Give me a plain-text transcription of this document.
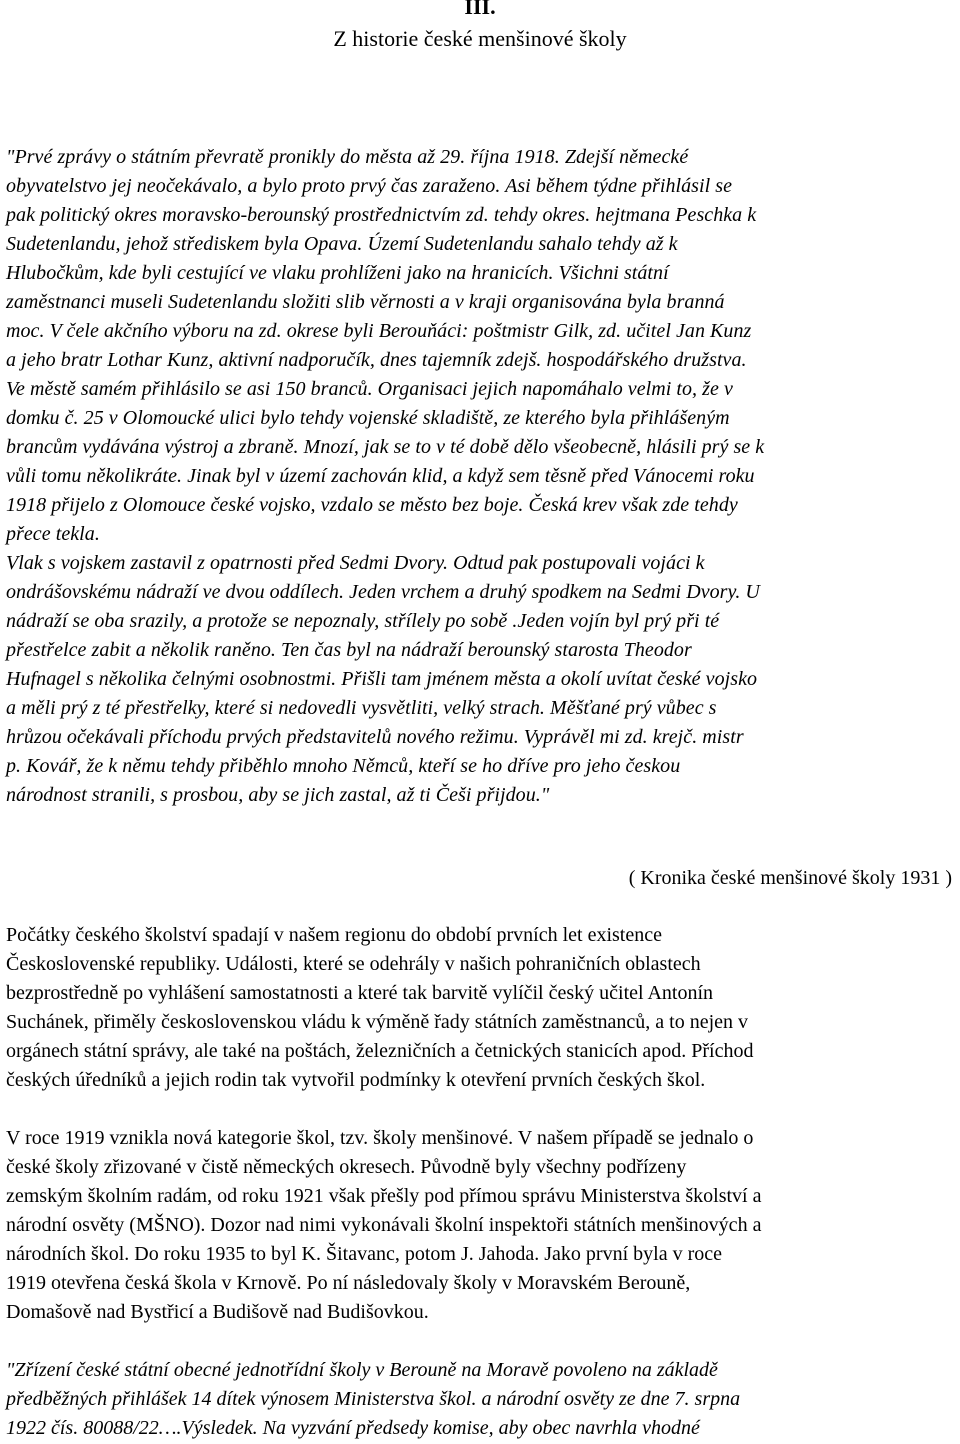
III.
Z historie české menšinové školy
"Prvé zprávy o státním převratě pronikly do města až 29. října 1918. Zdejší německé
obyvatelstvo jej neočekávalo, a bylo proto prvý čas zaraženo. Asi během týdne přihlásil se
pak politický okres moravsko-berounský prostřednictvím zd. tehdy okres. hejtmana Peschka k
Sudetenlandu, jehož střediskem byla Opava. Území Sudetenlandu sahalo tehdy až k
Hlubočkům, kde byli cestující ve vlaku prohlíženi jako na hranicích. Všichni státní
zaměstnanci museli Sudetenlandu složiti slib věrnosti a v kraji organisována byla branná
moc. V čele akčního výboru na zd. okrese byli Berouňáci: poštmistr Gilk, zd. učitel Jan Kunz
a jeho bratr Lothar Kunz, aktivní nadporučík, dnes tajemník zdejš. hospodářského družstva.
Ve městě samém přihlásilo se asi 150 branců. Organisaci jejich napomáhalo velmi to, že v
domku č. 25 v Olomoucké ulici bylo tehdy vojenské skladiště, ze kterého byla přihlášeným
brancům vydávána výstroj a zbraně. Mnozí, jak se to v té době dělo všeobecně, hlásili prý se k
vůli tomu několikráte. Jinak byl v území zachován klid, a když sem těsně před Vánocemi roku
1918 přijelo z Olomouce české vojsko, vzdalo se město bez boje. Česká krev však zde tehdy
přece tekla.
Vlak s vojskem zastavil z opatrnosti před Sedmi Dvory. Odtud pak postupovali vojáci k
ondrášovskému nádraží ve dvou oddílech. Jeden vrchem a druhý spodkem na Sedmi Dvory. U
nádraží se oba srazily, a protože se nepoznaly, střílely po sobě .Jeden vojín byl prý při té
přestřelce zabit a několik raněno. Ten čas byl na nádraží berounský starosta Theodor
Hufnagel s několika čelnými osobnostmi. Přišli tam jménem města a okolí uvítat české vojsko
a měli prý z té přestřelky, které si nedovedli vysvětliti, velký strach. Měšťané prý vůbec s
hrůzou očekávali příchodu prvých představitelů nového režimu. Vyprávěl mi zd. krejč. mistr
p. Kovář, že k němu tehdy přiběhlo mnoho Němců, kteří se ho dříve pro jeho českou
národnost stranili, s prosbou, aby se jich zastal, až ti Češi přijdou."
( Kronika české menšinové školy 1931 )
Počátky českého školství spadají v našem regionu do období prvních let existence
Československé republiky. Události, které se odehrály v našich pohraničních oblastech
bezprostředně po vyhlášení samostatnosti a které tak barvitě vylíčil český učitel Antonín
Suchánek, přiměly československou vládu k výměně řady státních zaměstnanců, a to nejen v
orgánech státní správy, ale také na poštách, železničních a četnických stanicích apod. Příchod
českých úředníků a jejich rodin tak vytvořil podmínky k otevření prvních českých škol.
V roce 1919 vznikla nová kategorie škol, tzv. školy menšinové. V našem případě se jednalo o
české školy zřizované v čistě německých okresech. Původně byly všechny podřízeny
zemským školním radám, od roku 1921 však přešly pod přímou správu Ministerstva školství a
národní osvěty (MŠNO). Dozor nad nimi vykonávali školní inspektoři státních menšinových a
národních škol. Do roku 1935 to byl K. Šitavanc, potom J. Jahoda. Jako první byla v roce
1919 otevřena česká škola v Krnově. Po ní následovaly školy v Moravském Berouně,
Domašově nad Bystřicí a Budišově nad Budišovkou.
"Zřízení české státní obecné jednotřídní školy v Berouně na Moravě povoleno na základě
předběžných přihlášek 14 dítek výnosem Ministerstva škol. a národní osvěty ze dne 7. srpna
1922 čís. 80088/22….Výsledek. Na vyzvání předsedy komise, aby obec navrhla vhodné
